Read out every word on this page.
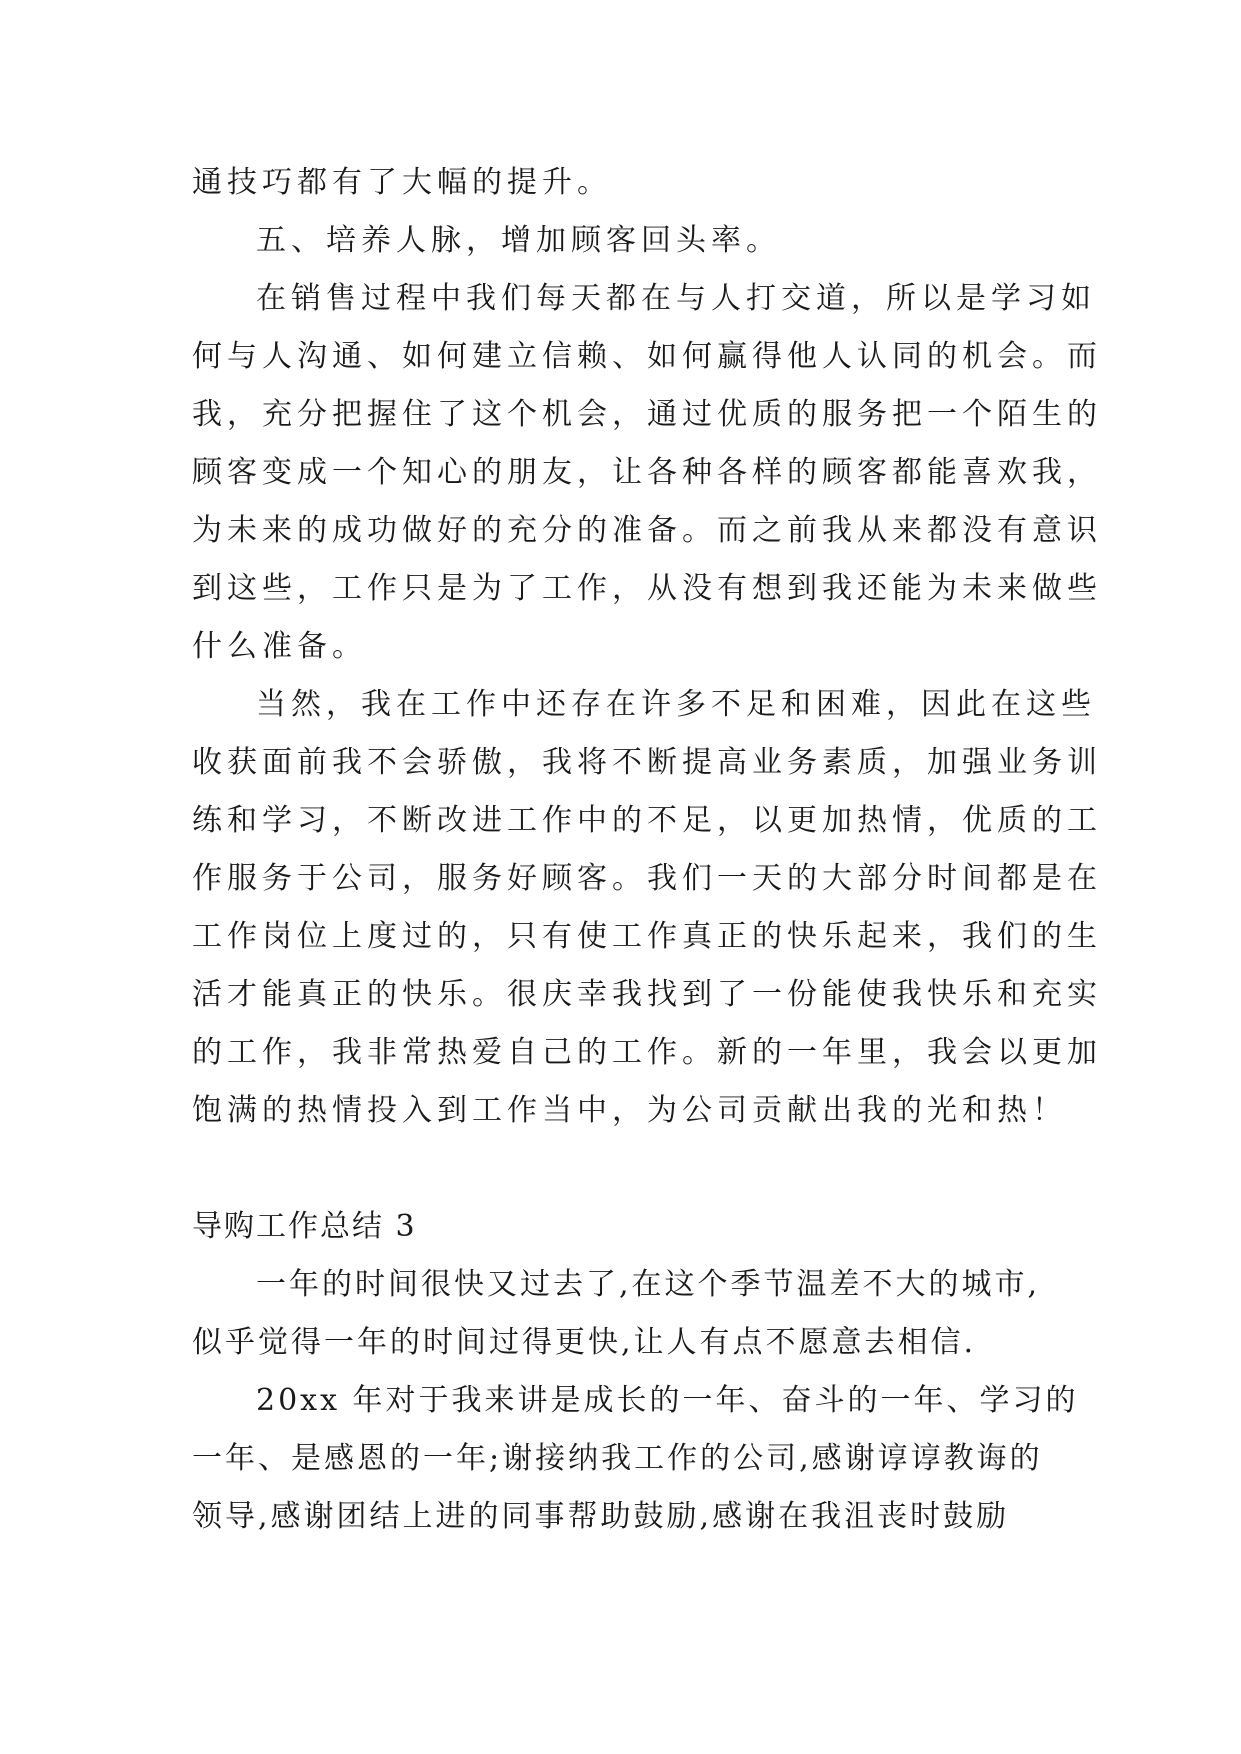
通技巧都有了大幅的提升。
五、培养人脉，增加顾客回头率。
在销售过程中我们每天都在与人打交道，所以是学习如
何与人沟通、如何建立信赖、如何赢得他人认同的机会。而
我，充分把握住了这个机会，通过优质的服务把一个陌生的
顾客变成一个知心的朋友，让各种各样的顾客都能喜欢我，
为未来的成功做好的充分的准备。而之前我从来都没有意识
到这些，工作只是为了工作，从没有想到我还能为未来做些
什么准备。
当然，我在工作中还存在许多不足和困难，因此在这些
收获面前我不会骄傲，我将不断提高业务素质，加强业务训
练和学习，不断改进工作中的不足，以更加热情，优质的工
作服务于公司，服务好顾客。我们一天的大部分时间都是在
工作岗位上度过的，只有使工作真正的快乐起来，我们的生
活才能真正的快乐。很庆幸我找到了一份能使我快乐和充实
的工作，我非常热爱自己的工作。新的一年里，我会以更加
饱满的热情投入到工作当中，为公司贡献出我的光和热！
导购工作总结 3
一年的时间很快又过去了,在这个季节温差不大的城市,
似乎觉得一年的时间过得更快,让人有点不愿意去相信.
20xx 年对于我来讲是成长的一年、奋斗的一年、学习的
一年、是感恩的一年;谢接纳我工作的公司,感谢谆谆教诲的
领导,感谢团结上进的同事帮助鼓励,感谢在我沮丧时鼓励
